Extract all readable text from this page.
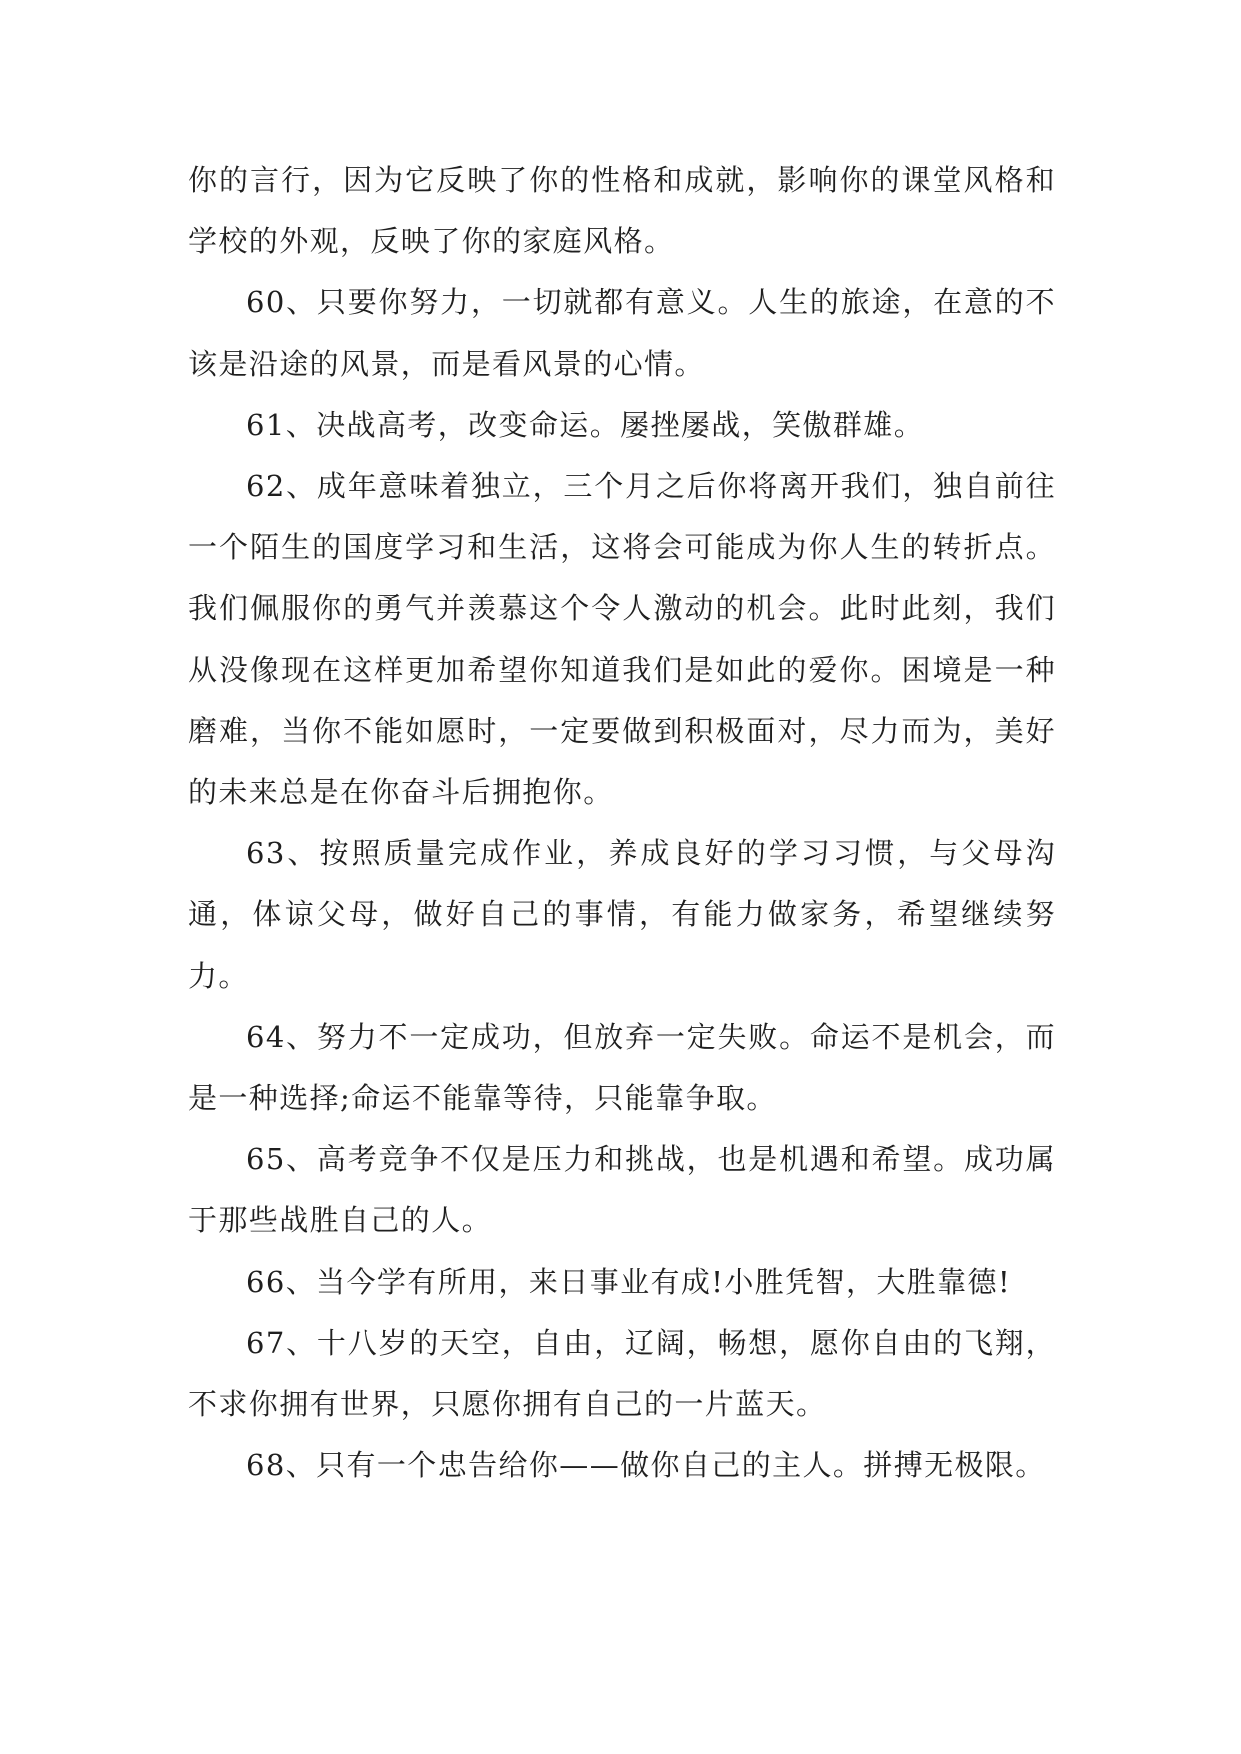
你的言行，因为它反映了你的性格和成就，影响你的课堂风格和学校的外观，反映了你的家庭风格。

60、只要你努力，一切就都有意义。人生的旅途，在意的不该是沿途的风景，而是看风景的心情。

61、决战高考，改变命运。屡挫屡战，笑傲群雄。

62、成年意味着独立，三个月之后你将离开我们，独自前往一个陌生的国度学习和生活，这将会可能成为你人生的转折点。我们佩服你的勇气并羡慕这个令人激动的机会。此时此刻，我们从没像现在这样更加希望你知道我们是如此的爱你。困境是一种磨难，当你不能如愿时，一定要做到积极面对，尽力而为，美好的未来总是在你奋斗后拥抱你。

63、按照质量完成作业，养成良好的学习习惯，与父母沟通，体谅父母，做好自己的事情，有能力做家务，希望继续努力。

64、努力不一定成功，但放弃一定失败。命运不是机会，而是一种选择;命运不能靠等待，只能靠争取。

65、高考竞争不仅是压力和挑战，也是机遇和希望。成功属于那些战胜自己的人。

66、当今学有所用，来日事业有成!小胜凭智，大胜靠德!

67、十八岁的天空，自由，辽阔，畅想，愿你自由的飞翔，不求你拥有世界，只愿你拥有自己的一片蓝天。

68、只有一个忠告给你——做你自己的主人。拼搏无极限。
